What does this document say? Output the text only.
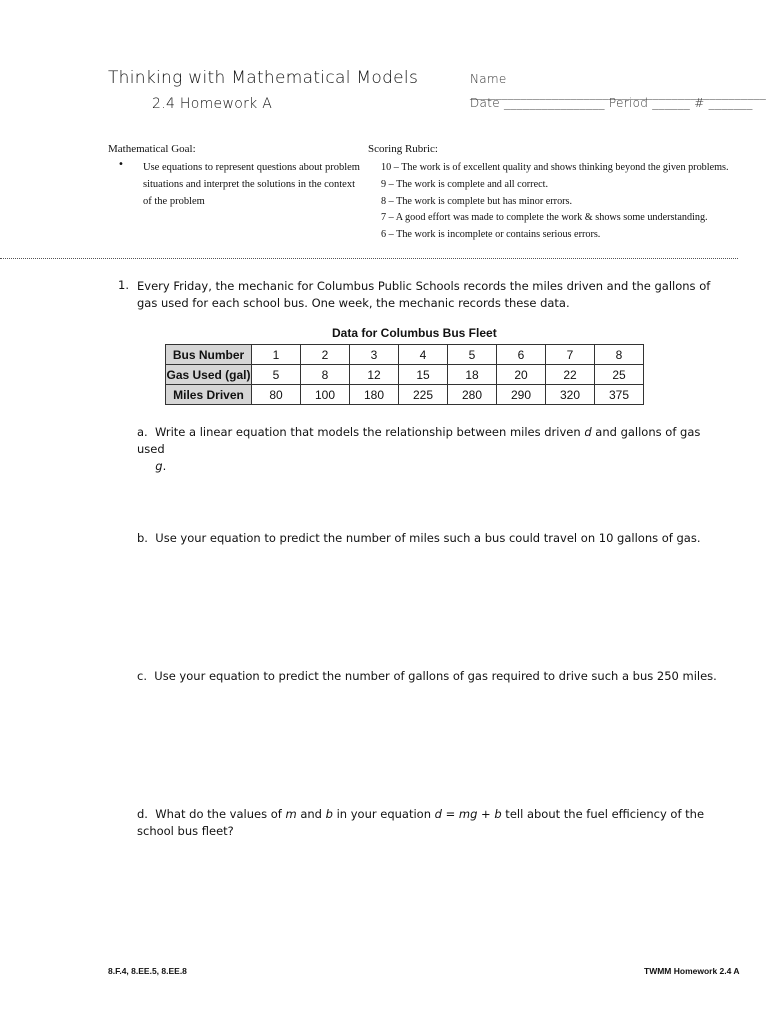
Thinking with Mathematical Models
2.4 Homework A
Name _______________________________________________
Date ________________ Period ______ # _______
Mathematical Goal:
• Use equations to represent questions about problem situations and interpret the solutions in the context of the problem
Scoring Rubric:
10 – The work is of excellent quality and shows thinking beyond the given problems.
9 – The work is complete and all correct.
8 – The work is complete but has minor errors.
7 – A good effort was made to complete the work & shows some understanding.
6 – The work is incomplete or contains serious errors.
1. Every Friday, the mechanic for Columbus Public Schools records the miles driven and the gallons of gas used for each school bus. One week, the mechanic records these data.
Data for Columbus Bus Fleet
Bus Number	1	2	3	4	5	6	7	8
Gas Used (gal)	5	8	12	15	18	20	22	25
Miles Driven	80	100	180	225	280	290	320	375
a. Write a linear equation that models the relationship between miles driven d and gallons of gas used
g.
b. Use your equation to predict the number of miles such a bus could travel on 10 gallons of gas.
c. Use your equation to predict the number of gallons of gas required to drive such a bus 250 miles.
d. What do the values of m and b in your equation d = mg + b tell about the fuel efficiency of the school bus fleet?
8.F.4, 8.EE.5, 8.EE.8	TWMM Homework 2.4 A
